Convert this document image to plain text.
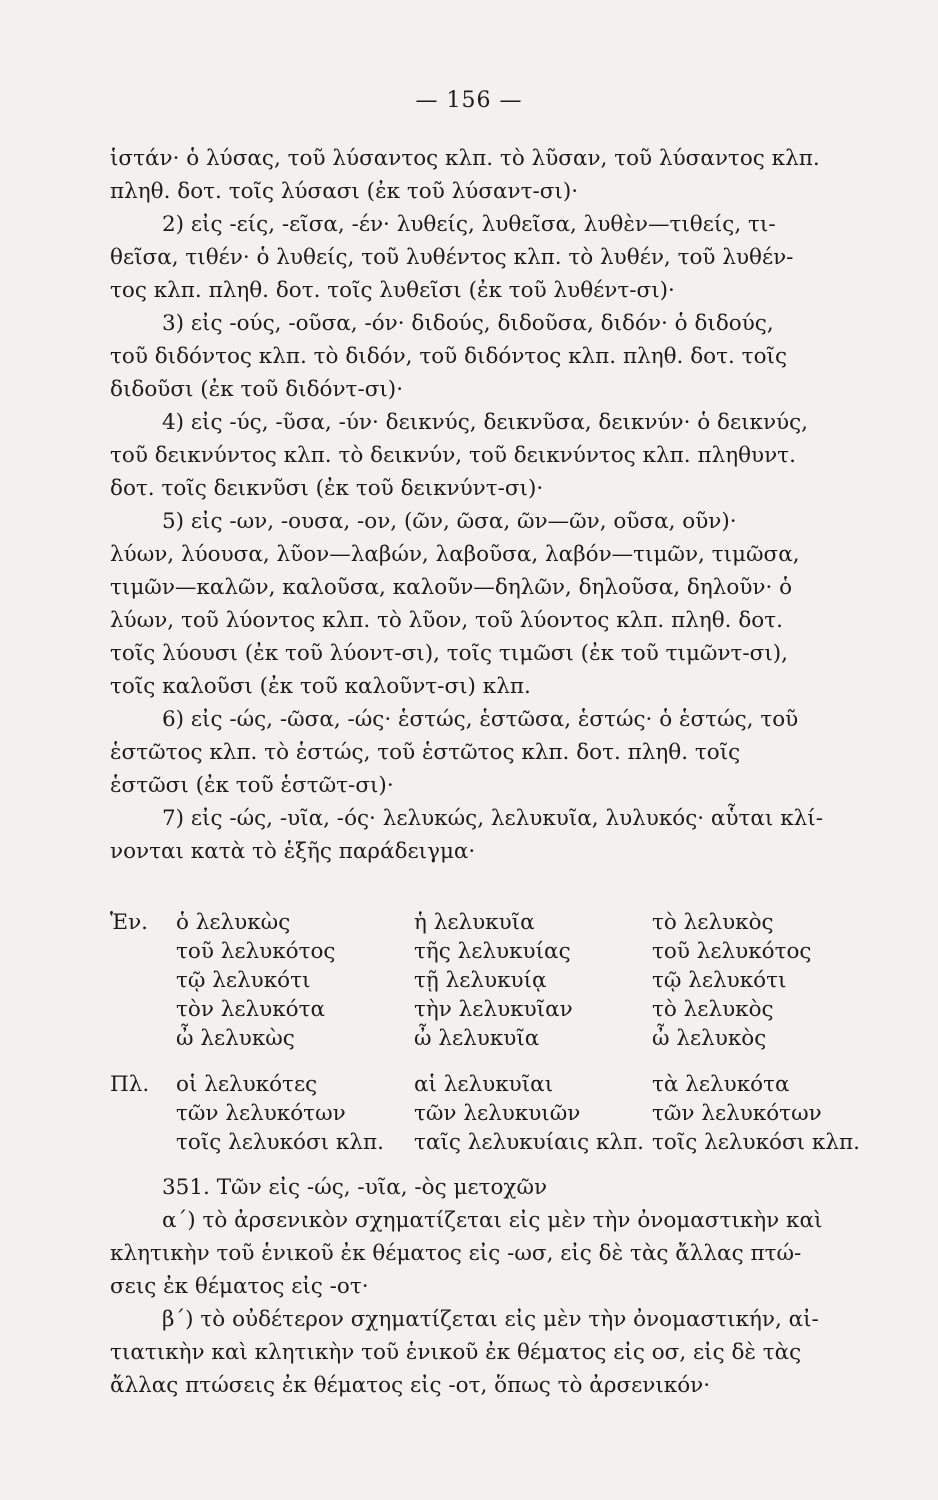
— 156 —
ἱστάν· ὁ λύσας, τοῦ λύσαντος κλπ. τὸ λῦσαν, τοῦ λύσαντος κλπ.
πληθ. δοτ. τοῖς λύσασι (ἐκ τοῦ λύσαντ-σι)·
2) εἰς -είς, -εῖσα, -έν· λυθείς, λυθεῖσα, λυθὲν—τιθείς, τι-
θεῖσα, τιθέν· ὁ λυθείς, τοῦ λυθέντος κλπ. τὸ λυθέν, τοῦ λυθέν-
τος κλπ. πληθ. δοτ. τοῖς λυθεῖσι (ἐκ τοῦ λυθέντ-σι)·
3) εἰς -ούς, -οῦσα, -όν· διδούς, διδοῦσα, διδόν· ὁ διδούς,
τοῦ διδόντος κλπ. τὸ διδόν, τοῦ διδόντος κλπ. πληθ. δοτ. τοῖς
διδοῦσι (ἐκ τοῦ διδόντ-σι)·
4) εἰς -ύς, -ῦσα, -ύν· δεικνύς, δεικνῦσα, δεικνύν· ὁ δεικνύς,
τοῦ δεικνύντος κλπ. τὸ δεικνύν, τοῦ δεικνύντος κλπ. πληθυντ.
δοτ. τοῖς δεικνῦσι (ἐκ τοῦ δεικνύντ-σι)·
5) εἰς -ων, -ουσα, -ον, (ῶν, ῶσα, ῶν—ῶν, οῦσα, οῦν)·
λύων, λύουσα, λῦον—λαβών, λαβοῦσα, λαβόν—τιμῶν, τιμῶσα,
τιμῶν—καλῶν, καλοῦσα, καλοῦν—δηλῶν, δηλοῦσα, δηλοῦν· ὁ
λύων, τοῦ λύοντος κλπ. τὸ λῦον, τοῦ λύοντος κλπ. πληθ. δοτ.
τοῖς λύουσι (ἐκ τοῦ λύοντ-σι), τοῖς τιμῶσι (ἐκ τοῦ τιμῶντ-σι),
τοῖς καλοῦσι (ἐκ τοῦ καλοῦντ-σι) κλπ.
6) εἰς -ώς, -ῶσα, -ώς· ἑστώς, ἑστῶσα, ἑστώς· ὁ ἑστώς, τοῦ
ἑστῶτος κλπ. τὸ ἑστώς, τοῦ ἑστῶτος κλπ. δοτ. πληθ. τοῖς
ἑστῶσι (ἐκ τοῦ ἑστῶτ-σι)·
7) εἰς -ώς, -υῖα, -ός· λελυκώς, λελυκυῖα, λυλυκός· αὗται κλί-
νονται κατὰ τὸ ἑξῆς παράδειγμα·
Ἑν.	ὁ λελυκὼς	ἡ λελυκυῖα	τὸ λελυκὸς
τοῦ λελυκότος	τῆς λελυκυίας	τοῦ λελυκότος
τῷ λελυκότι	τῇ λελυκυίᾳ	τῷ λελυκότι
τὸν λελυκότα	τὴν λελυκυῖαν	τὸ λελυκὸς
ὦ λελυκὼς	ὦ λελυκυῖα	ὦ λελυκὸς
Πλ.	οἱ λελυκότες	αἱ λελυκυῖαι	τὰ λελυκότα
τῶν λελυκότων	τῶν λελυκυιῶν	τῶν λελυκότων
τοῖς λελυκόσι κλπ. ταῖς λελυκυίαις κλπ. τοῖς λελυκόσι κλπ.
351. Τῶν εἰς -ώς, -υῖα, -ὸς μετοχῶν
α΄) τὸ ἀρσενικὸν σχηματίζεται εἰς μὲν τὴν ὀνομαστικὴν καὶ
κλητικὴν τοῦ ἑνικοῦ ἐκ θέματος εἰς -ωσ, εἰς δὲ τὰς ἄλλας πτώ-
σεις ἐκ θέματος εἰς -οτ·
β΄) τὸ οὐδέτερον σχηματίζεται εἰς μὲν τὴν ὀνομαστικήν, αἰ-
τιατικὴν καὶ κλητικὴν τοῦ ἑνικοῦ ἐκ θέματος εἰς οσ, εἰς δὲ τὰς
ἄλλας πτώσεις ἐκ θέματος εἰς -οτ, ὅπως τὸ ἀρσενικόν·
